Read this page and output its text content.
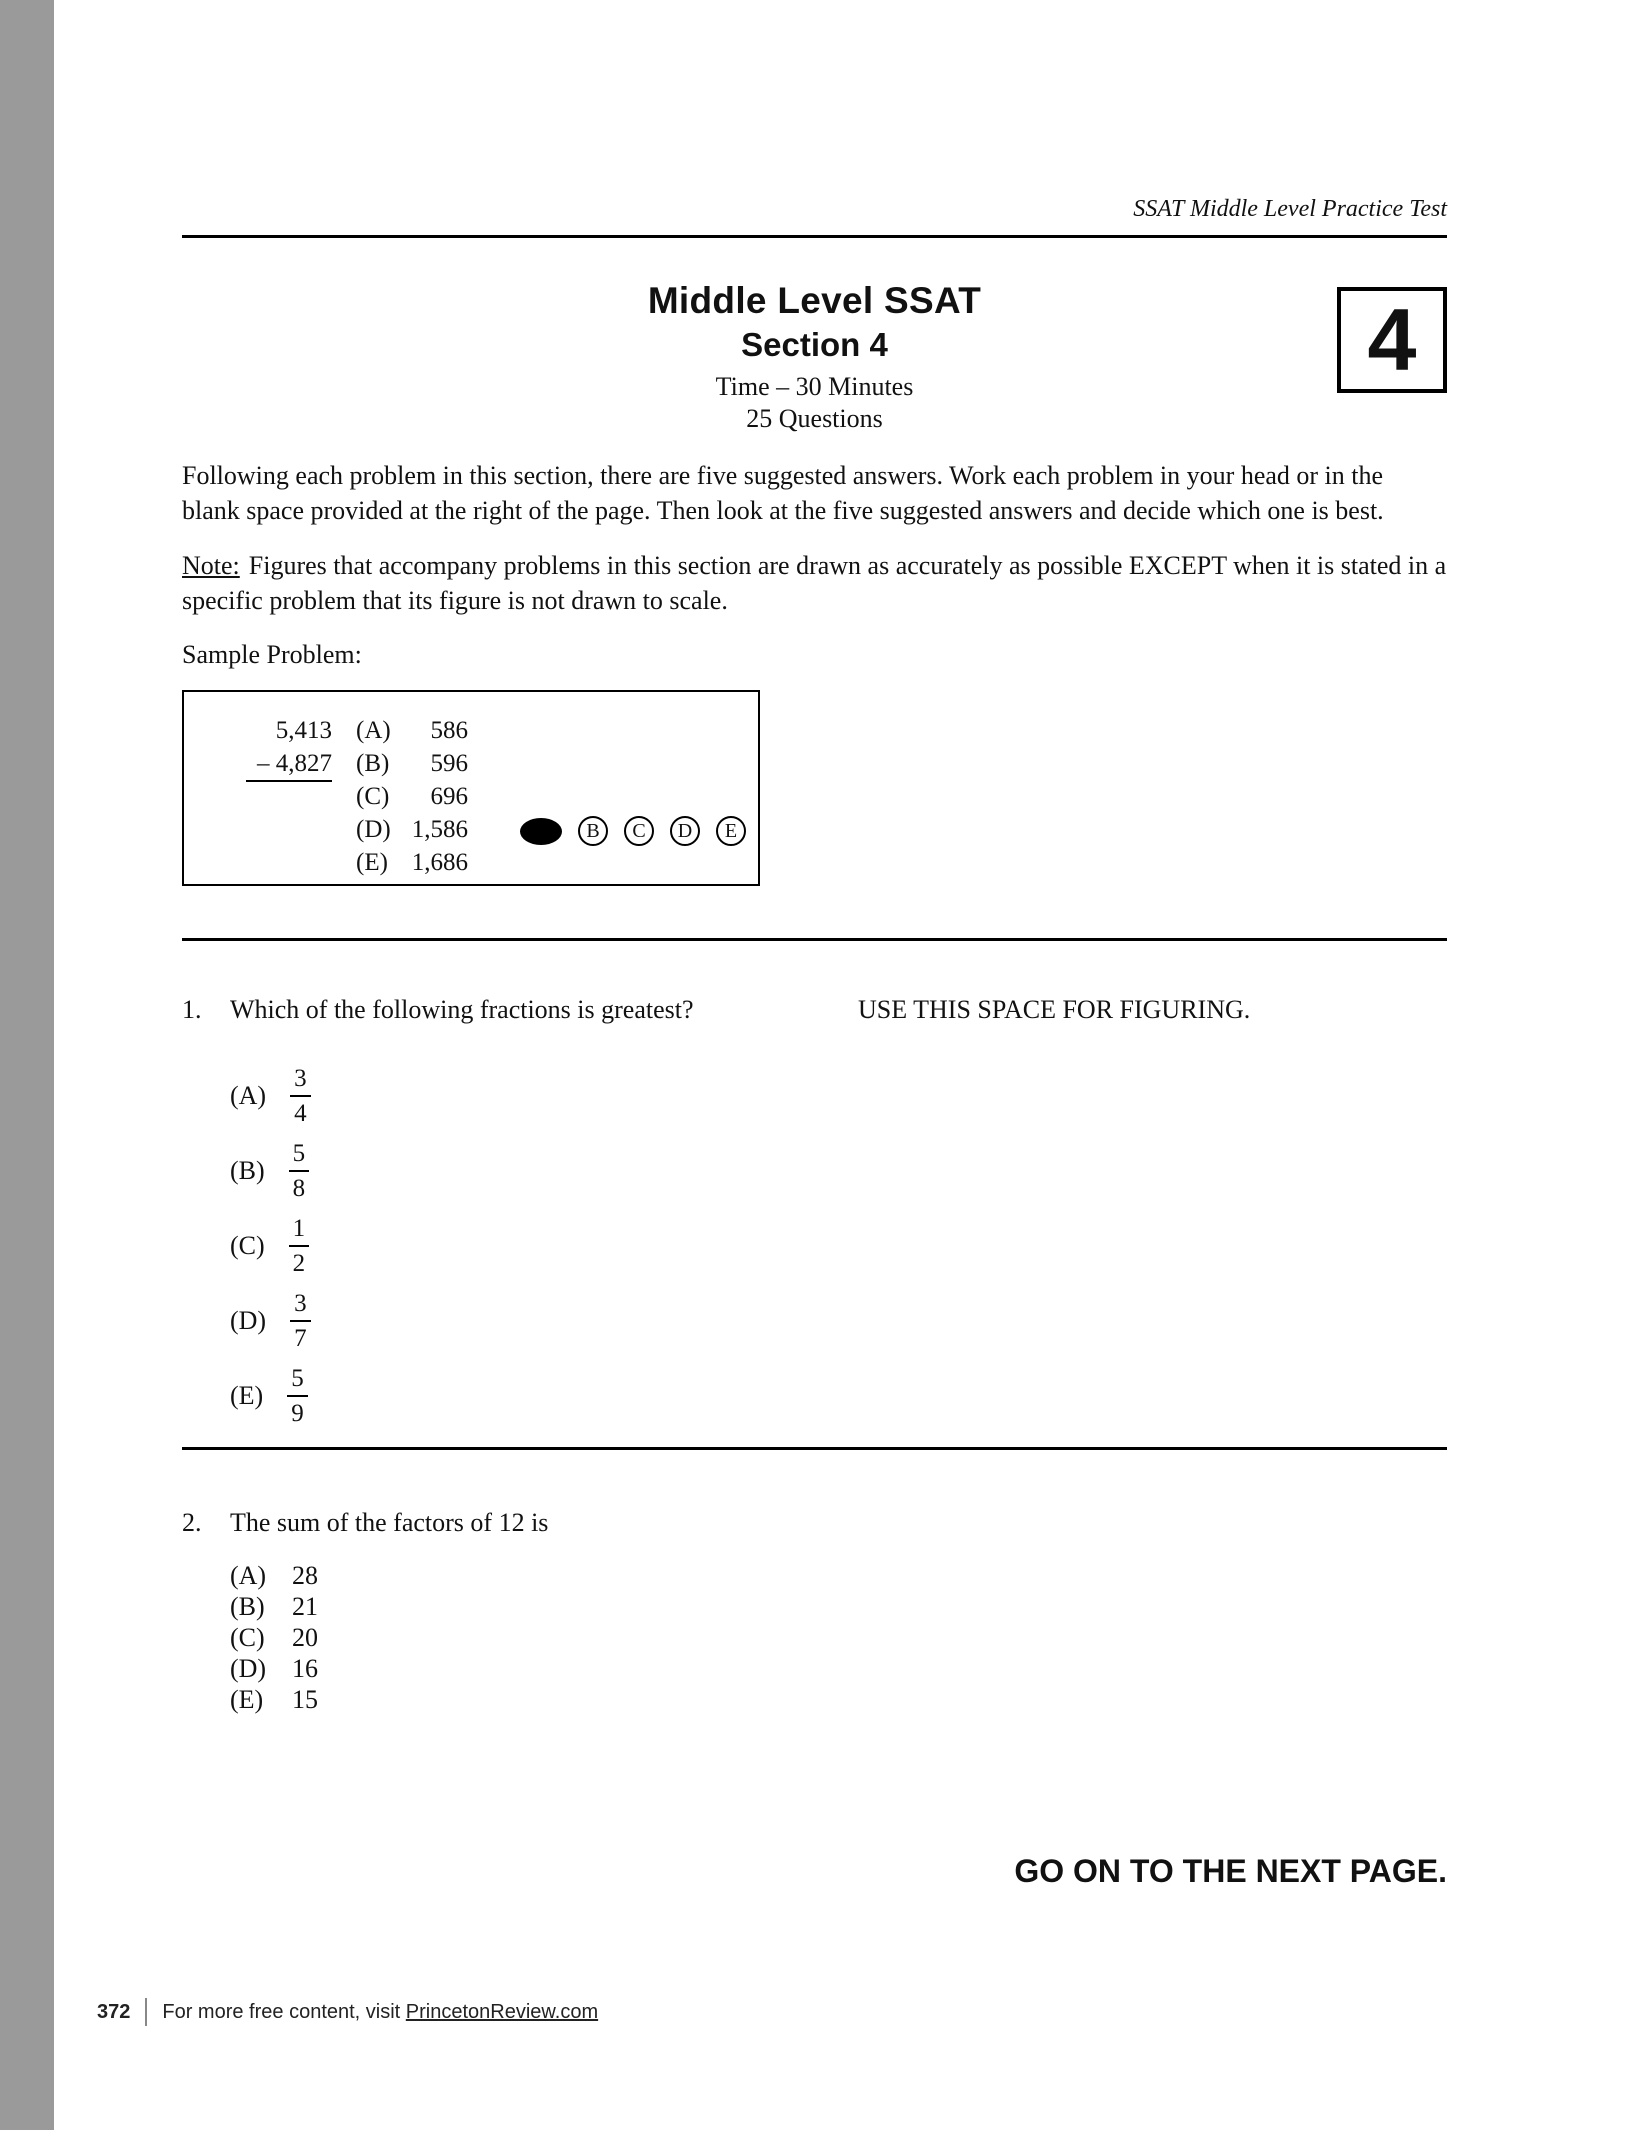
SSAT Middle Level Practice Test
Middle Level SSAT
Section 4
Time – 30 Minutes
25 Questions
4

Following each problem in this section, there are five suggested answers. Work each problem in your head or in the blank space provided at the right of the page. Then look at the five suggested answers and decide which one is best.

Note: Figures that accompany problems in this section are drawn as accurately as possible EXCEPT when it is stated in a specific problem that its figure is not drawn to scale.

Sample Problem:
5,413
– 4,827
(A)	586
(B)	596
(C)	696
(D) 1,586
(E) 1,686
B	C	D	E
1. Which of the following fractions is greatest?	USE THIS SPACE FOR FIGURING.
$(A) \frac{3}{4}$
$(B) \frac{5}{8}$
$(C) \frac{1}{2}$
$(D) \frac{3}{7}$
$(E) \frac{5}{9}$
2. The sum of the factors of 12 is
(A) 28
(B)	21
(C)	20
(D) 16
(E)	15
GO ON TO THE NEXT PAGE.
372 For more free content, visit PrincetonReview.com
